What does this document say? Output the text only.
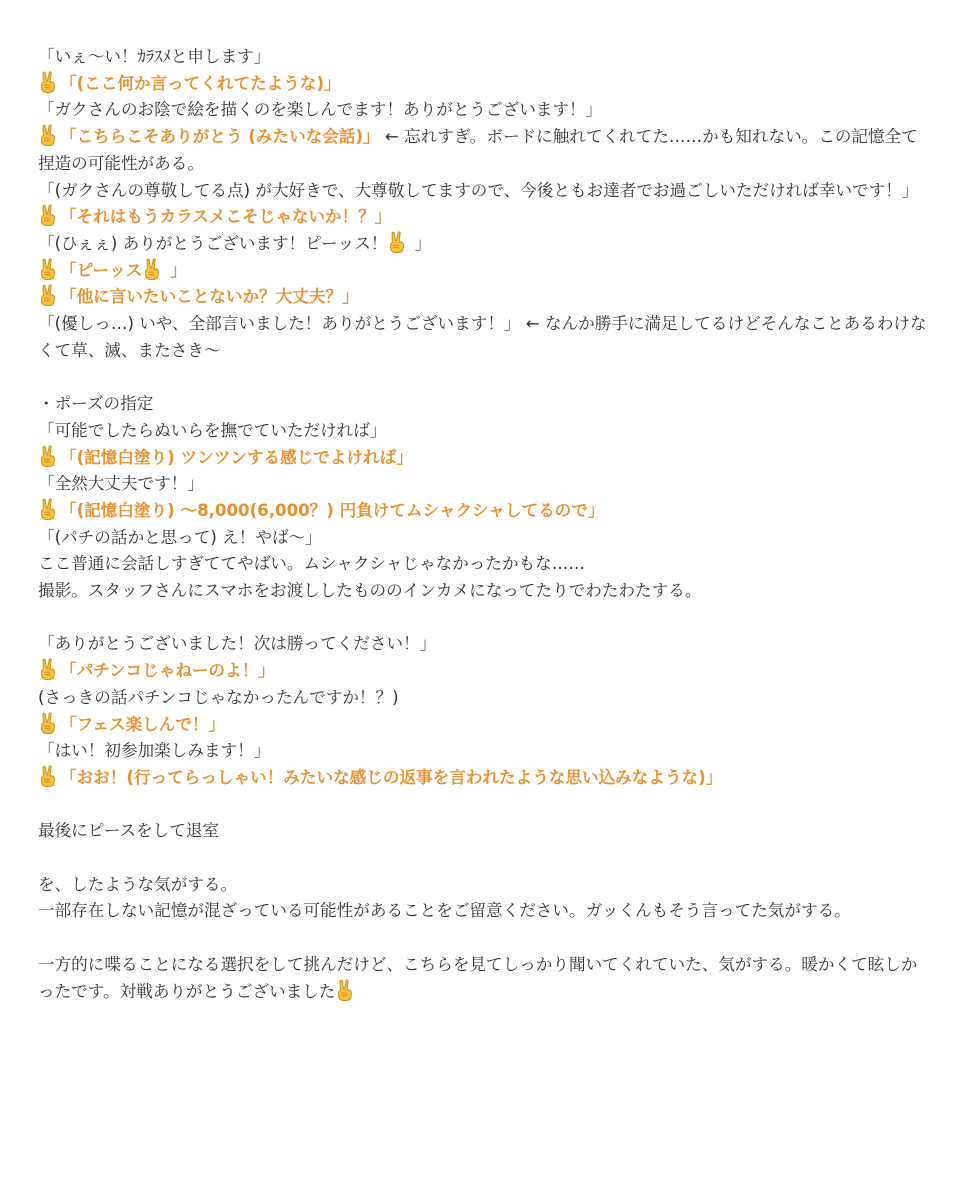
「いぇ〜い！ｶﾗｽﾒと申します」
「(ここ何か言ってくれてたような)」
「ガクさんのお陰で絵を描くのを楽しんでます！ありがとうございます！」
「こちらこそありがとう (みたいな会話)」 ← 忘れすぎ。ボードに触れてくれてた……かも知れない。この記憶全て捏造の可能性がある。
「(ガクさんの尊敬してる点) が大好きで、大尊敬してますので、今後ともお達者でお過ごしいただければ幸いです！」
「それはもうカラスメこそじゃないか！？」
「(ひぇぇ) ありがとうございます！ピーッス！
」
「ピーッス
」
「他に言いたいことないか？大丈夫？」
「(優しっ…) いや、全部言いました！ありがとうございます！」 ← なんか勝手に満足してるけどそんなことあるわけなくて草、滅、またさき〜
・ポーズの指定
「可能でしたらぬいらを撫でていただければ」
「(記憶白塗り) ツンツンする感じでよければ」
「全然大丈夫です！」
「(記憶白塗り) 〜8,000(6,000？) 円負けてムシャクシャしてるので」
「(パチの話かと思って) え！やば〜」
ここ普通に会話しすぎててやばい。ムシャクシャじゃなかったかもな……
撮影。スタッフさんにスマホをお渡ししたもののインカメになってたりでわたわたする。
「ありがとうございました！次は勝ってください！」
「パチンコじゃねーのよ！」
(さっきの話パチンコじゃなかったんですか！？)
「フェス楽しんで！」
「はい！初参加楽しみます！」
「おお！(行ってらっしゃい！みたいな感じの返事を言われたような思い込みなような)」
最後にピースをして退室
を、したような気がする。
一部存在しない記憶が混ざっている可能性があることをご留意ください。ガッくんもそう言ってた気がする。
一方的に喋ることになる選択をして挑んだけど、こちらを見てしっかり聞いてくれていた、気がする。暖かくて眩しかったです。対戦ありがとうございました
